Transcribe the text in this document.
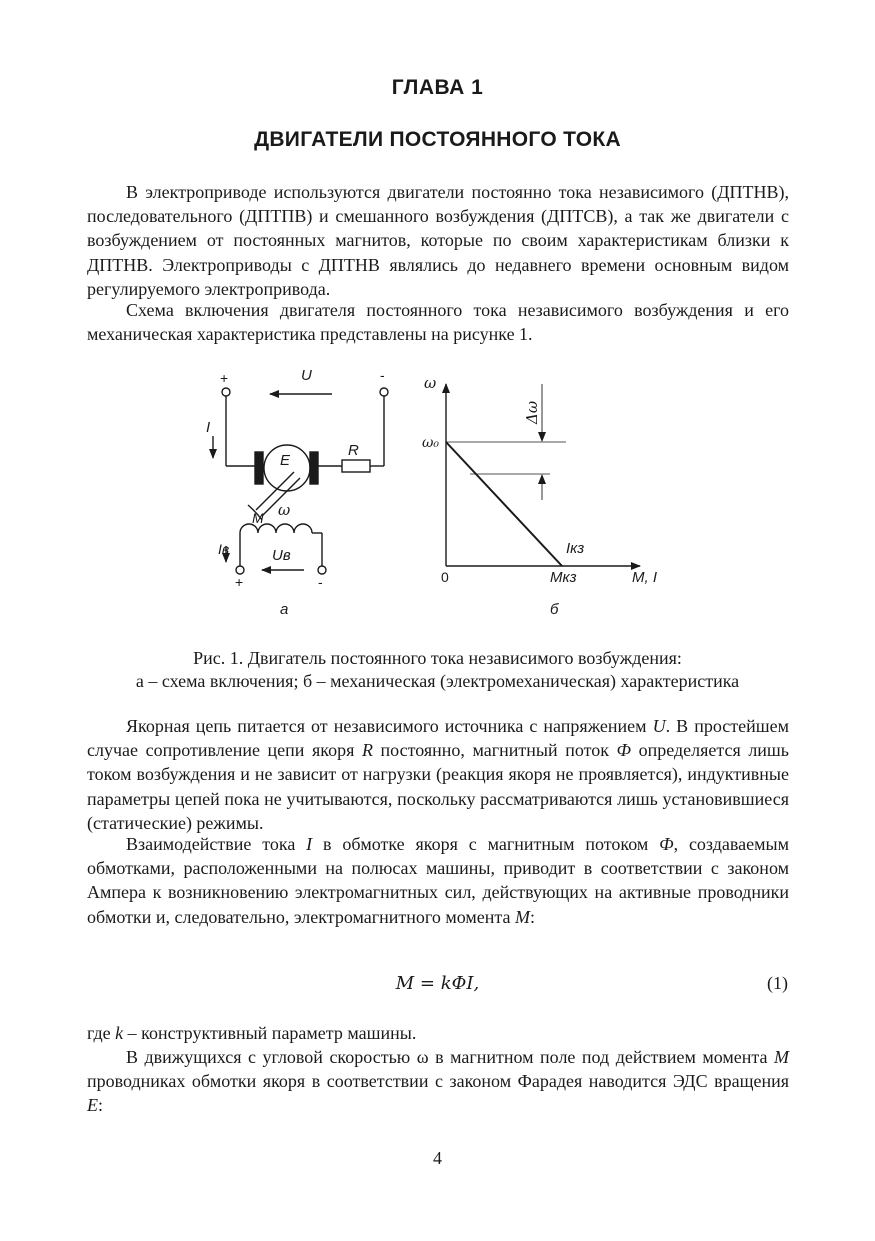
ГЛАВА 1
ДВИГАТЕЛИ ПОСТОЯННОГО ТОКА

В электроприводе используются двигатели постоянно тока независимого (ДПТНВ), последовательного (ДПТПВ) и смешанного возбуждения (ДПТСВ), а так же двигатели с возбуждением от постоянных магнитов, которые по своим характеристикам близки к ДПТНВ. Электроприводы с ДПТНВ являлись до недавнего времени основным видом регулируемого электропривода.

Схема включения двигателя постоянного тока независимого возбуждения и его механическая характеристика представлены на рисунке 1.

+	-
U
I
E
R
M ω
Iв	Uв
+	-
а
ω
ω₀
Δω
0	Mкз	M, I
Iкз
б
Рис. 1. Двигатель постоянного тока независимого возбуждения:
а – схема включения; б – механическая (электромеханическая) характеристика

Якорная цепь питается от независимого источника с напряжением U. В простейшем случае сопротивление цепи якоря R постоянно, магнитный поток Ф определяется лишь током возбуждения и не зависит от нагрузки (реакция якоря не проявляется), индуктивные параметры цепей пока не учитываются, поскольку рассматриваются лишь установившиеся (статические) режимы.

Взаимодействие тока I в обмотке якоря с магнитным потоком Ф, создаваемым обмотками, расположенными на полюсах машины, приводит в соответствии с законом Ампера к возникновению электромагнитных сил, действующих на активные проводники обмотки и, следовательно, электромагнитного момента M:

M = kΦI,	(1)

где k – конструктивный параметр машины.

В движущихся с угловой скоростью ω в магнитном поле под действием момента M проводниках обмотки якоря в соответствии с законом Фарадея наводится ЭДС вращения E:

4
